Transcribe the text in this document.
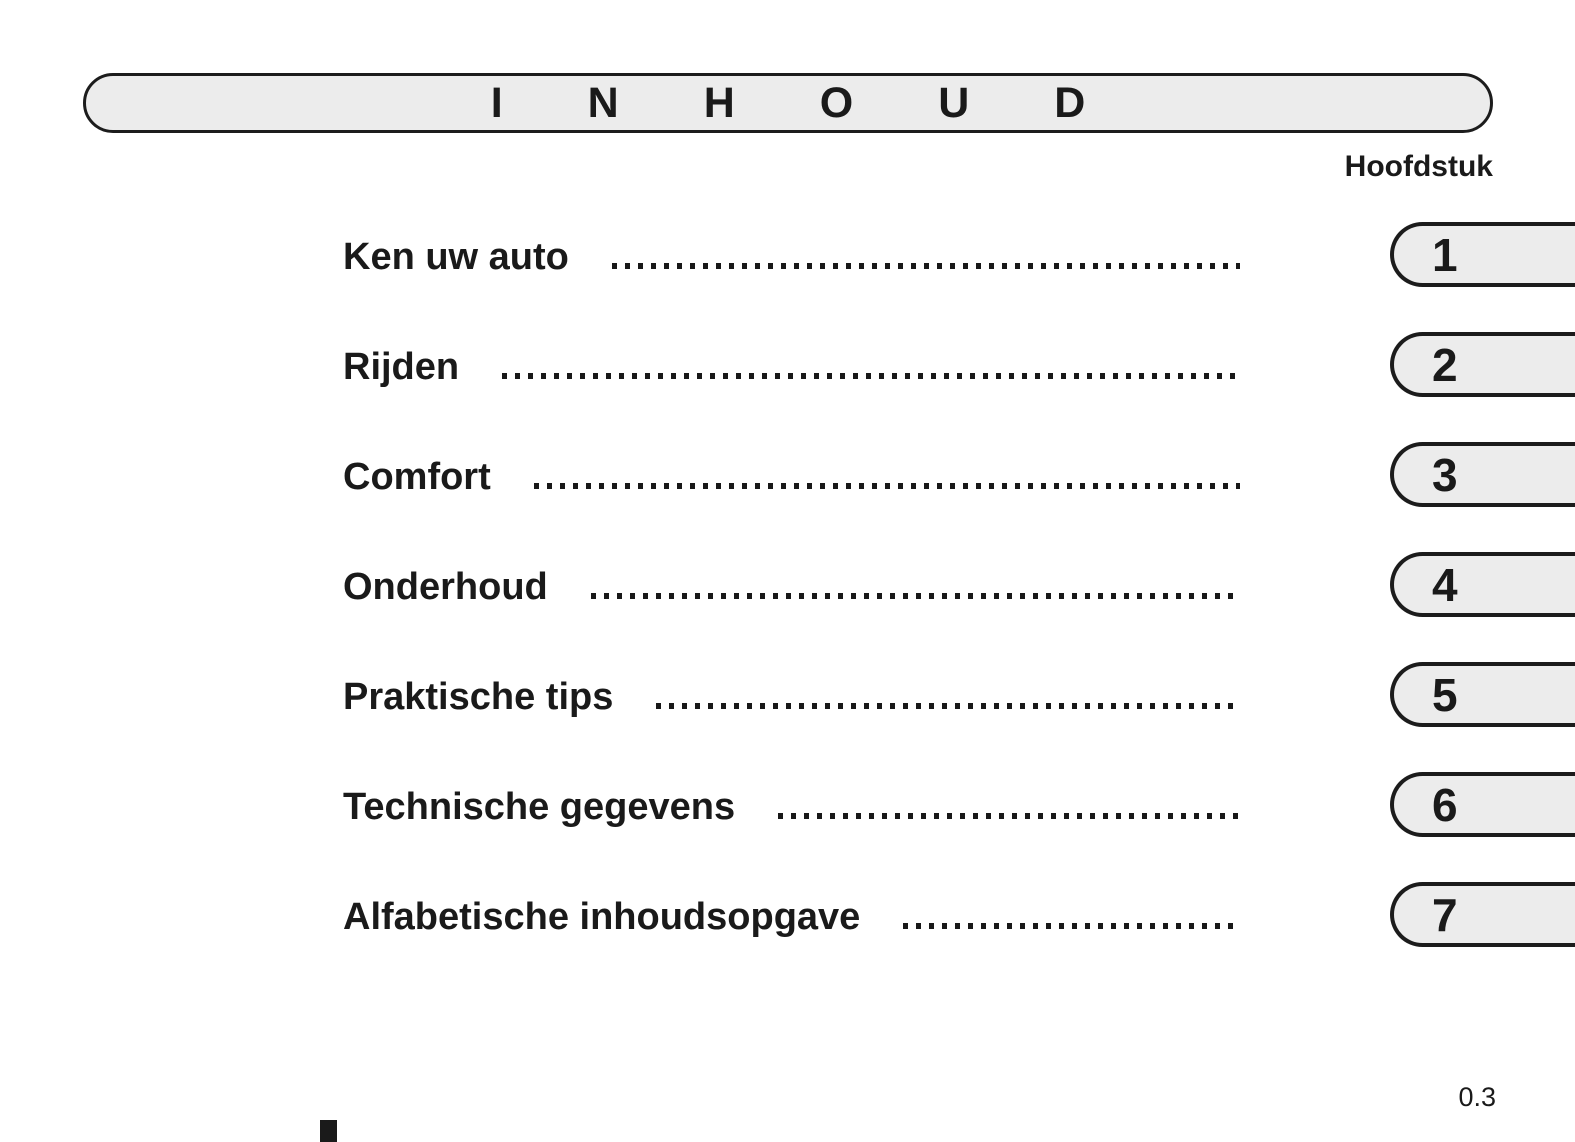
INHOUD
Hoofdstuk
Ken uw auto	1
Rijden	2
Comfort	3
Onderhoud	4
Praktische tips	5
Technische gegevens	6
Alfabetische inhoudsopgave	7
0.3
